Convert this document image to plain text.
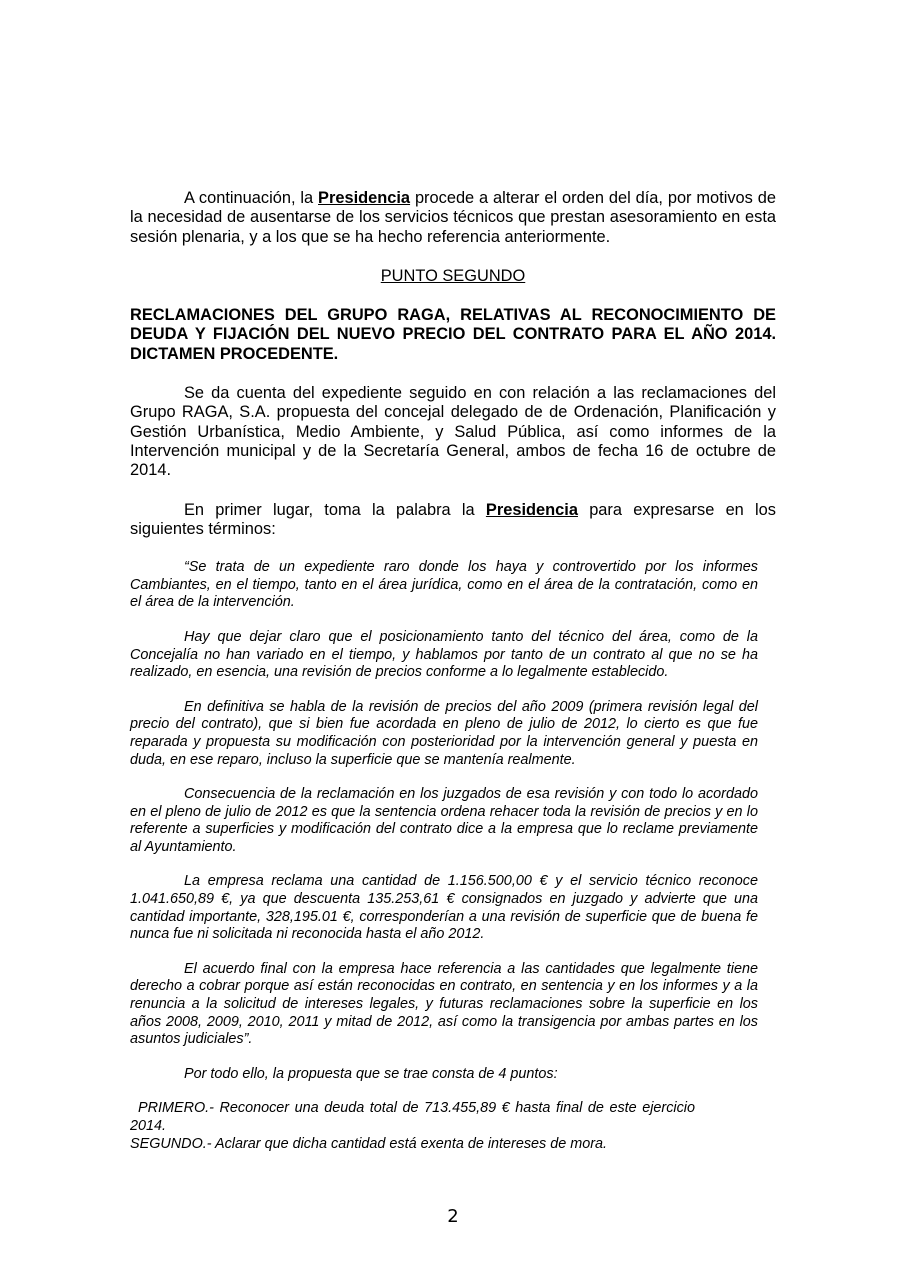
A continuación, la Presidencia procede a alterar el orden del día, por motivos de la necesidad de ausentarse de los servicios técnicos que prestan asesoramiento en esta sesión plenaria, y a los que se ha hecho referencia anteriormente.

PUNTO SEGUNDO

RECLAMACIONES DEL GRUPO RAGA, RELATIVAS AL RECONOCIMIENTO DE DEUDA Y FIJACIÓN DEL NUEVO PRECIO DEL CONTRATO PARA EL AÑO 2014. DICTAMEN PROCEDENTE.

Se da cuenta del expediente seguido en con relación a las reclamaciones del Grupo RAGA, S.A. propuesta del concejal delegado de de Ordenación, Planificación y Gestión Urbanística, Medio Ambiente, y Salud Pública, así como informes de la Intervención municipal y de la Secretaría General, ambos de fecha 16 de octubre de 2014.

En primer lugar, toma la palabra la Presidencia para expresarse en los siguientes términos:

“Se trata de un expediente raro donde los haya y controvertido por los informes Cambiantes, en el tiempo, tanto en el área jurídica, como en el área de la contratación, como en el área de la intervención.

Hay que dejar claro que el posicionamiento tanto del técnico del área, como de la Concejalía no han variado en el tiempo, y hablamos por tanto de un contrato al que no se ha realizado, en esencia, una revisión de precios conforme a lo legalmente establecido.

En definitiva se habla de la revisión de precios del año 2009 (primera revisión legal del precio del contrato), que si bien fue acordada en pleno de julio de 2012, lo cierto es que fue reparada y propuesta su modificación con posterioridad por la intervención general y puesta en duda, en ese reparo, incluso la superficie que se mantenía realmente.

Consecuencia de la reclamación en los juzgados de esa revisión y con todo lo acordado en el pleno de julio de 2012 es que la sentencia ordena rehacer toda la revisión de precios y en lo referente a superficies y modificación del contrato dice a la empresa que lo reclame previamente al Ayuntamiento.

La empresa reclama una cantidad de 1.156.500,00 € y el servicio técnico reconoce 1.041.650,89 €, ya que descuenta 135.253,61 € consignados en juzgado y advierte que una cantidad importante, 328,195.01 €, corresponderían a una revisión de superficie que de buena fe nunca fue ni solicitada ni reconocida hasta el año 2012.

El acuerdo final con la empresa hace referencia a las cantidades que legalmente tiene derecho a cobrar porque así están reconocidas en contrato, en sentencia y en los informes y a la renuncia a la solicitud de intereses legales, y futuras reclamaciones sobre la superficie en los años 2008, 2009, 2010, 2011 y mitad de 2012, así como la transigencia por ambas partes en los asuntos judiciales”.

Por todo ello, la propuesta que se trae consta de 4 puntos:

PRIMERO.- Reconocer una deuda total de 713.455,89 € hasta final de este ejercicio 2014.

SEGUNDO.- Aclarar que dicha cantidad está exenta de intereses de mora.

2
